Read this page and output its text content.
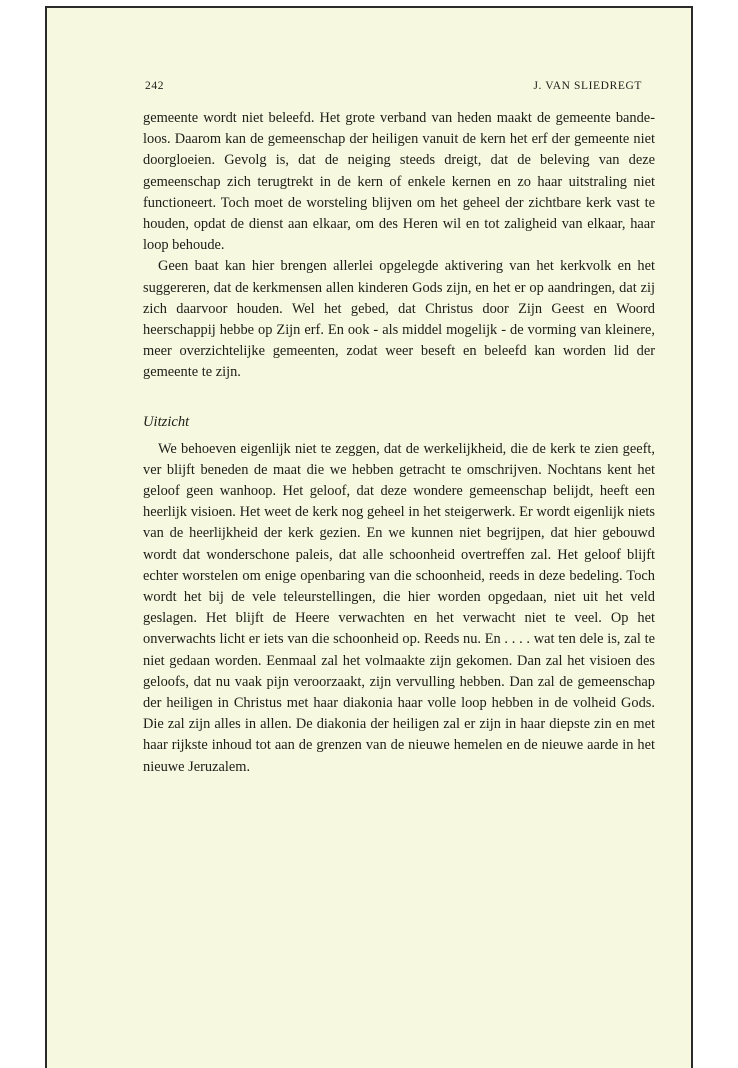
242	J. VAN SLIEDREGT

gemeente wordt niet beleefd. Het grote verband van heden maakt de gemeente bande-loos. Daarom kan de gemeenschap der heiligen vanuit de kern het erf der gemeente niet doorgloeien. Gevolg is, dat de neiging steeds dreigt, dat de beleving van deze gemeenschap zich terugtrekt in de kern of enkele kernen en zo haar uitstraling niet functioneert. Toch moet de worsteling blijven om het geheel der zichtbare kerk vast te houden, opdat de dienst aan elkaar, om des Heren wil en tot zaligheid van elkaar, haar loop behoude.

Geen baat kan hier brengen allerlei opgelegde aktivering van het kerkvolk en het suggereren, dat de kerkmensen allen kinderen Gods zijn, en het er op aandringen, dat zij zich daarvoor houden. Wel het gebed, dat Christus door Zijn Geest en Woord heerschappij hebbe op Zijn erf. En ook - als middel mogelijk - de vorming van kleinere, meer overzichtelijke gemeenten, zodat weer beseft en beleefd kan worden lid der gemeente te zijn.

Uitzicht

We behoeven eigenlijk niet te zeggen, dat de werkelijkheid, die de kerk te zien geeft, ver blijft beneden de maat die we hebben getracht te omschrijven. Nochtans kent het geloof geen wanhoop. Het geloof, dat deze wondere gemeenschap belijdt, heeft een heerlijk visioen. Het weet de kerk nog geheel in het steigerwerk. Er wordt eigenlijk niets van de heerlijkheid der kerk gezien. En we kunnen niet begrijpen, dat hier gebouwd wordt dat wonderschone paleis, dat alle schoonheid overtreffen zal. Het geloof blijft echter worstelen om enige openbaring van die schoonheid, reeds in deze bedeling. Toch wordt het bij de vele teleurstellingen, die hier worden opgedaan, niet uit het veld geslagen. Het blijft de Heere verwachten en het verwacht niet te veel. Op het onverwachts licht er iets van die schoonheid op. Reeds nu. En . . . . wat ten dele is, zal te niet gedaan worden. Eenmaal zal het volmaakte zijn gekomen. Dan zal het visioen des geloofs, dat nu vaak pijn veroorzaakt, zijn vervulling hebben. Dan zal de gemeenschap der heiligen in Christus met haar diakonia haar volle loop hebben in de volheid Gods. Die zal zijn alles in allen. De diakonia der heiligen zal er zijn in haar diepste zin en met haar rijkste inhoud tot aan de grenzen van de nieuwe hemelen en de nieuwe aarde in het nieuwe Jeruzalem.
